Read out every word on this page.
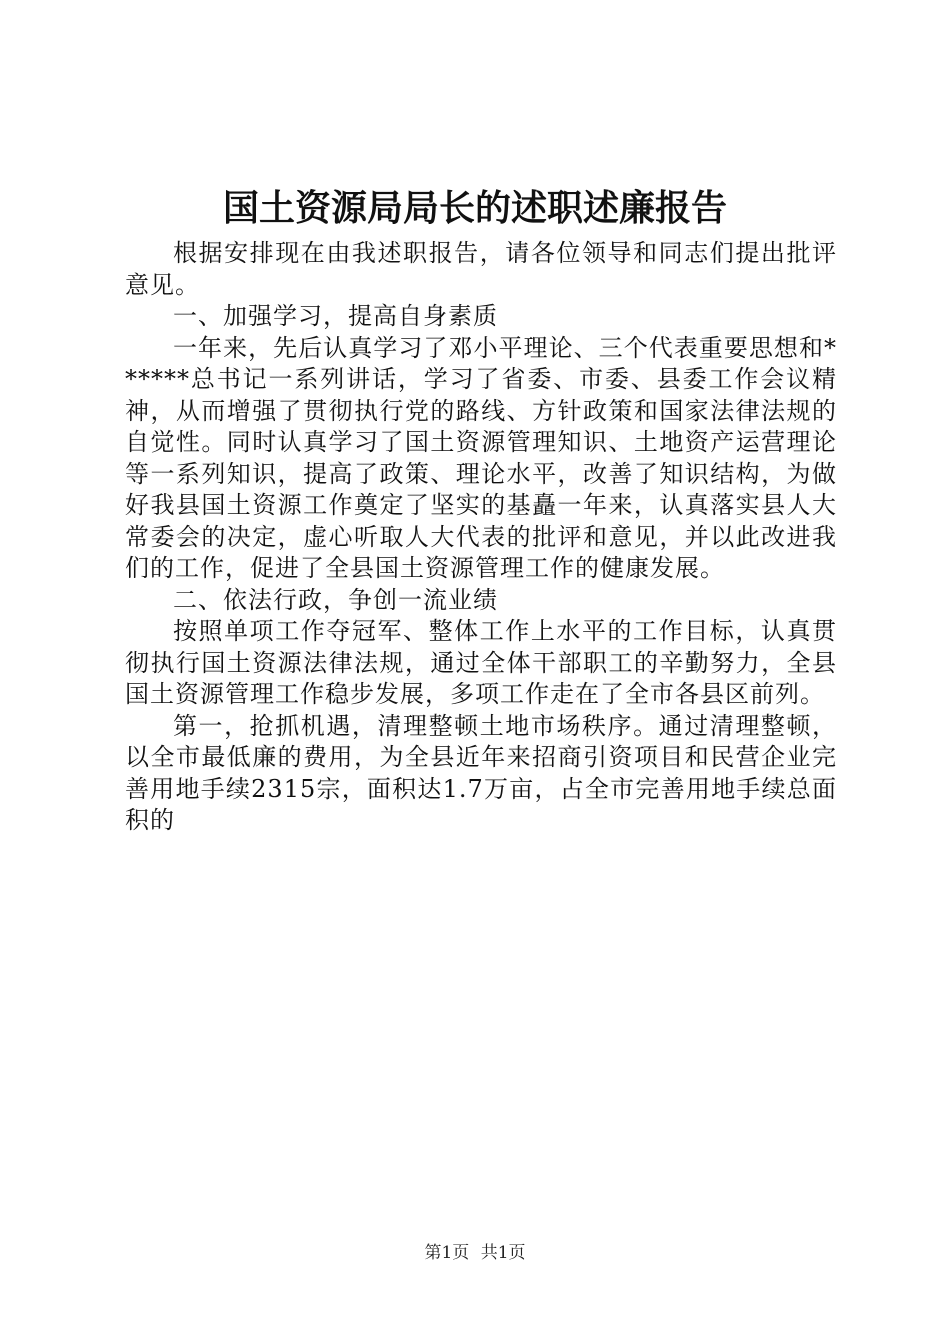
国土资源局局长的述职述廉报告

根据安排现在由我述职报告，请各位领导和同志们提出批评意见。

一、加强学习，提高自身素质

一年来，先后认真学习了邓小平理论、三个代表重要思想和******总书记一系列讲话，学习了省委、市委、县委工作会议精神，从而增强了贯彻执行党的路线、方针政策和国家法律法规的自觉性。同时认真学习了国土资源管理知识、土地资产运营理论等一系列知识，提高了政策、理论水平，改善了知识结构，为做好我县国土资源工作奠定了坚实的基矗一年来，认真落实县人大常委会的决定，虚心听取人大代表的批评和意见，并以此改进我们的工作，促进了全县国土资源管理工作的健康发展。

二、依法行政，争创一流业绩

按照单项工作夺冠军、整体工作上水平的工作目标，认真贯彻执行国土资源法律法规，通过全体干部职工的辛勤努力，全县国土资源管理工作稳步发展，多项工作走在了全市各县区前列。

第一，抢抓机遇，清理整顿土地市场秩序。通过清理整顿，以全市最低廉的费用，为全县近年来招商引资项目和民营企业完善用地手续2315宗，面积达1.7万亩，占全市完善用地手续总面积的

第1页 共1页
